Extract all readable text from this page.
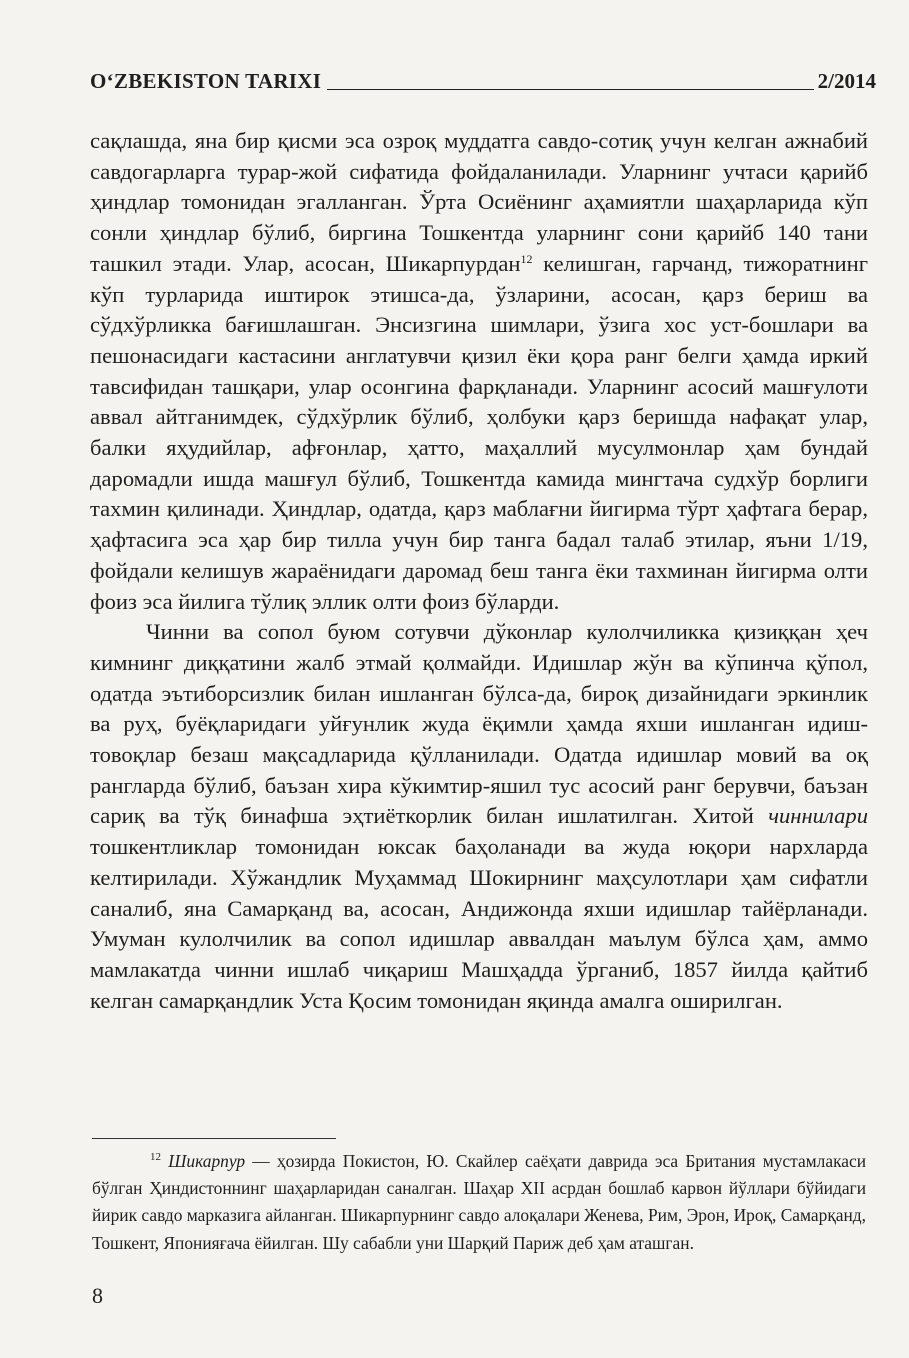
O‘ZBEKISTON TARIXI	2/2014

сақлашда, яна бир қисми эса озроқ муддатга савдо-сотиқ учун келган ажнабий савдогарларга турар-жой сифатида фойдаланилади. Уларнинг учтаси қарийб ҳиндлар томонидан эгалланган. Ўрта Осиёнинг аҳамиятли шаҳарларида кўп сонли ҳиндлар бўлиб, биргина Тошкентда уларнинг сони қарийб 140 тани ташкил этади. Улар, асосан, Шикарпурдан$^{12}$ келишган, гарчанд, тижоратнинг кўп турларида иштирок этишса-да, ўзларини, асосан, қарз бериш ва сўдхўрликка бағишлашган. Энсизгина шимлари, ўзига хос уст-бошлари ва пешонасидаги кастасини англатувчи қизил ёки қора ранг белги ҳамда иркий тавсифидан ташқари, улар осонгина фарқланади. Уларнинг асосий машғулоти аввал айтганимдек, сўдхўрлик бўлиб, ҳолбуки қарз беришда нафақат улар, балки яҳудийлар, афғонлар, ҳатто, маҳаллий мусулмонлар ҳам бундай даромадли ишда машғул бўлиб, Тошкентда камида мингтача судхўр борлиги тахмин қилинади. Ҳиндлар, одатда, қарз маблағни йигирма тўрт ҳафтага берар, ҳафтасига эса ҳар бир тилла учун бир танга бадал талаб этилар, яъни 1/19, фойдали келишув жараёнидаги даромад беш танга ёки тахминан йигирма олти фоиз эса йилига тўлиқ эллик олти фоиз бўларди.

Чинни ва сопол буюм сотувчи дўконлар кулолчиликка қизиққан ҳеч кимнинг диққатини жалб этмай қолмайди. Идишлар жўн ва кўпинча қўпол, одатда эътиборсизлик билан ишланган бўлса-да, бироқ дизайнидаги эркинлик ва руҳ, буёқларидаги уйғунлик жуда ёқимли ҳамда яхши ишланган идиш-товоқлар безаш мақсадларида қўлланилади. Одатда идишлар мовий ва оқ рангларда бўлиб, баъзан хира кўкимтир-яшил тус асосий ранг берувчи, баъзан сариқ ва тўқ бинафша эҳтиёткорлик билан ишлатилган. Хитой чиннилари тошкентликлар томонидан юксак баҳоланади ва жуда юқори нархларда келтирилади. Хўжандлик Муҳаммад Шокирнинг маҳсулотлари ҳам сифатли саналиб, яна Самарқанд ва, асосан, Андижонда яхши идишлар тайёрланади. Умуман кулолчилик ва сопол идишлар аввалдан маълум бўлса ҳам, аммо мамлакатда чинни ишлаб чиқариш Машҳадда ўрганиб, 1857 йилда қайтиб келган самарқандлик Уста Қосим томонидан яқинда амалга оширилган.

$^{12}$ Шикарпур — ҳозирда Покистон, Ю. Скайлер саёҳати даврида эса Британия мустамлакаси бўлган Ҳиндистоннинг шаҳарларидан саналган. Шаҳар XII асрдан бошлаб карвон йўллари бўйидаги йирик савдо марказига айланган. Шикарпурнинг савдо алоқалари Женева, Рим, Эрон, Ироқ, Самарқанд, Тошкент, Японияғача ёйилган. Шу сабабли уни Шарқий Париж деб ҳам аташган.
8
